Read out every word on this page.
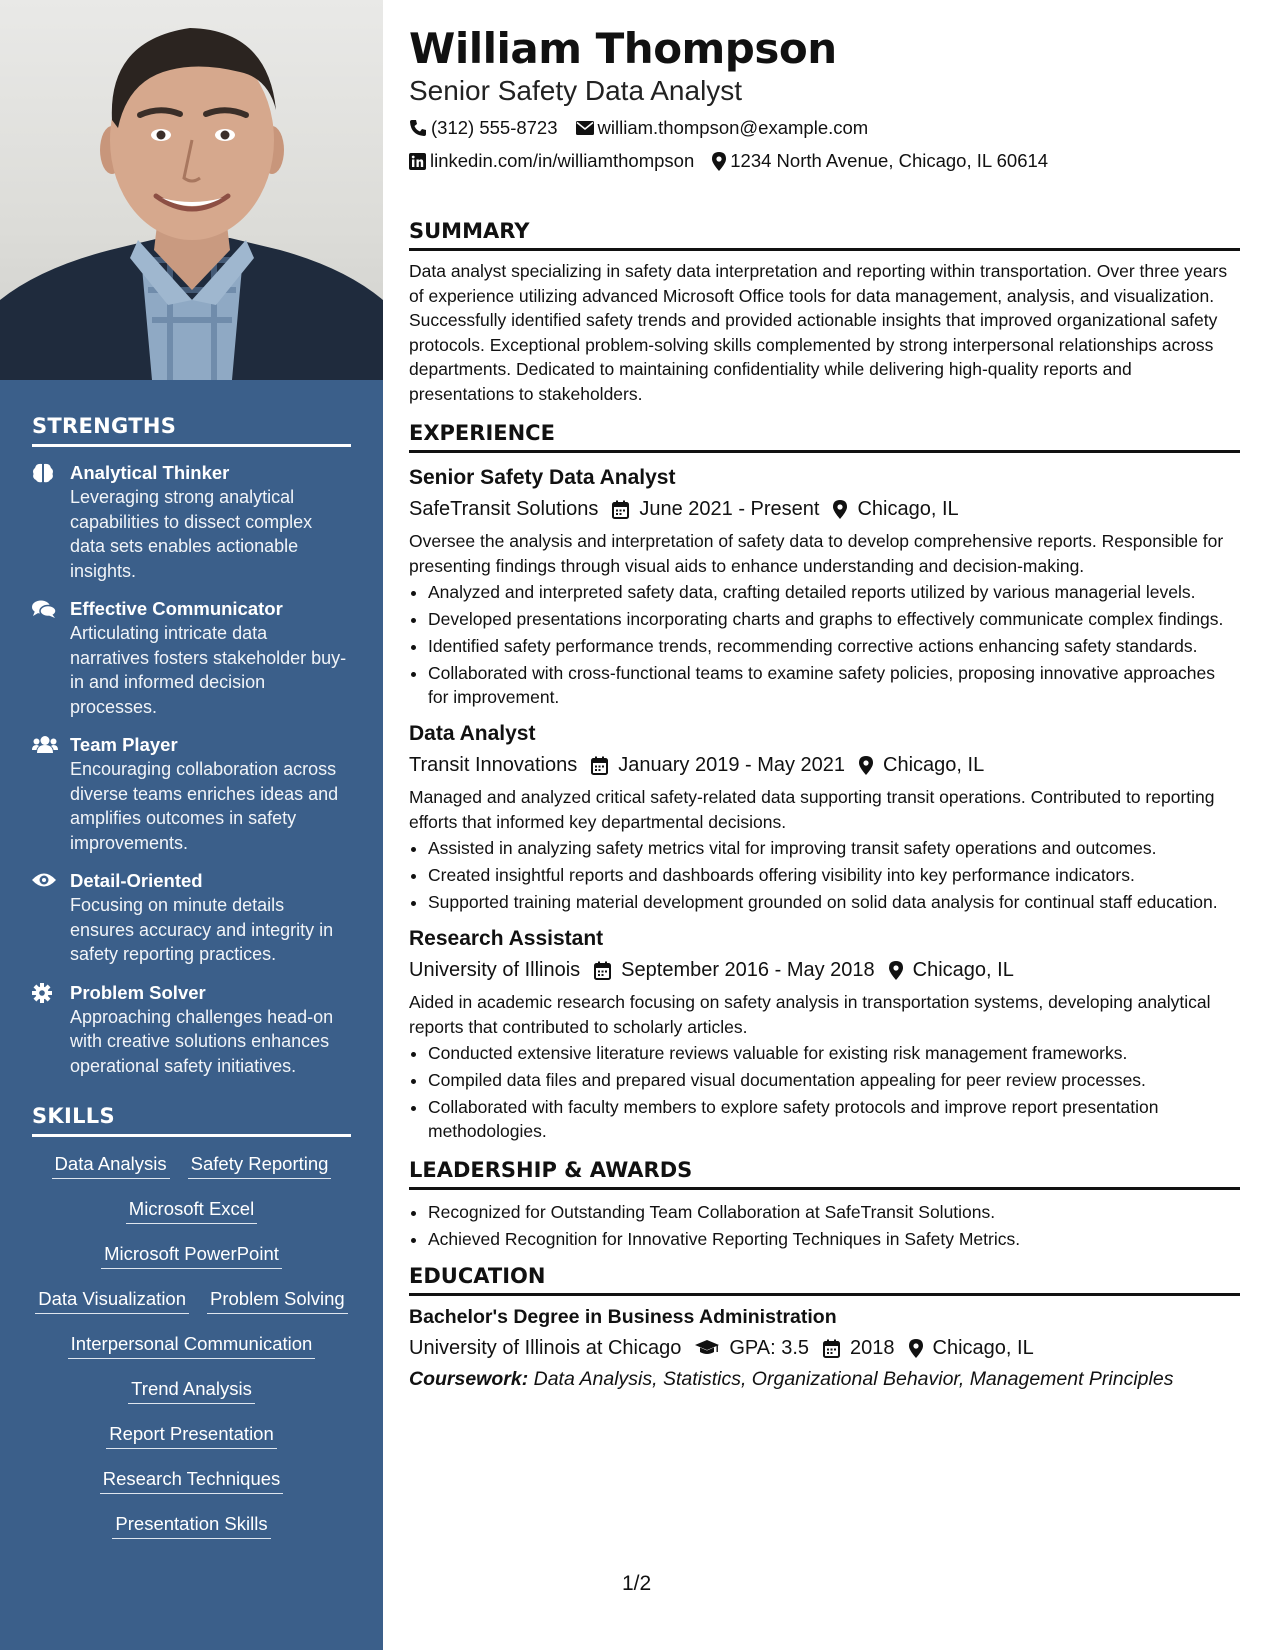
STRENGTHS
Analytical Thinker
Leveraging strong analytical capabilities to dissect complex data sets enables actionable insights.
Effective Communicator
Articulating intricate data narratives fosters stakeholder buy-in and informed decision processes.
Team Player
Encouraging collaboration across diverse teams enriches ideas and amplifies outcomes in safety improvements.
Detail-Oriented
Focusing on minute details ensures accuracy and integrity in safety reporting practices.
Problem Solver
Approaching challenges head-on with creative solutions enhances operational safety initiatives.
SKILLS
Data Analysis Safety Reporting
Microsoft Excel
Microsoft PowerPoint
Data Visualization Problem Solving
Interpersonal Communication
Trend Analysis
Report Presentation
Research Techniques
Presentation Skills
William Thompson
Senior Safety Data Analyst
(312) 555-8723 william.thompson@example.com
linkedin.com/in/williamthompson 1234 North Avenue, Chicago, IL 60614
SUMMARY
Data analyst specializing in safety data interpretation and reporting within transportation. Over three years of experience utilizing advanced Microsoft Office tools for data management, analysis, and visualization. Successfully identified safety trends and provided actionable insights that improved organizational safety protocols. Exceptional problem-solving skills complemented by strong interpersonal relationships across departments. Dedicated to maintaining confidentiality while delivering high-quality reports and presentations to stakeholders.
EXPERIENCE
Senior Safety Data Analyst
SafeTransit Solutions June 2021 - Present Chicago, IL
Oversee the analysis and interpretation of safety data to develop comprehensive reports. Responsible for presenting findings through visual aids to enhance understanding and decision-making.
• Analyzed and interpreted safety data, crafting detailed reports utilized by various managerial levels.
• Developed presentations incorporating charts and graphs to effectively communicate complex findings.
• Identified safety performance trends, recommending corrective actions enhancing safety standards.
• Collaborated with cross-functional teams to examine safety policies, proposing innovative approaches for improvement.
Data Analyst
Transit Innovations January 2019 - May 2021 Chicago, IL
Managed and analyzed critical safety-related data supporting transit operations. Contributed to reporting efforts that informed key departmental decisions.
• Assisted in analyzing safety metrics vital for improving transit safety operations and outcomes.
• Created insightful reports and dashboards offering visibility into key performance indicators.
• Supported training material development grounded on solid data analysis for continual staff education.
Research Assistant
University of Illinois September 2016 - May 2018 Chicago, IL
Aided in academic research focusing on safety analysis in transportation systems, developing analytical reports that contributed to scholarly articles.
• Conducted extensive literature reviews valuable for existing risk management frameworks.
• Compiled data files and prepared visual documentation appealing for peer review processes.
• Collaborated with faculty members to explore safety protocols and improve report presentation methodologies.
LEADERSHIP & AWARDS
• Recognized for Outstanding Team Collaboration at SafeTransit Solutions.
• Achieved Recognition for Innovative Reporting Techniques in Safety Metrics.
EDUCATION
Bachelor's Degree in Business Administration
University of Illinois at Chicago GPA: 3.5 2018 Chicago, IL
Coursework: Data Analysis, Statistics, Organizational Behavior, Management Principles
1/2
